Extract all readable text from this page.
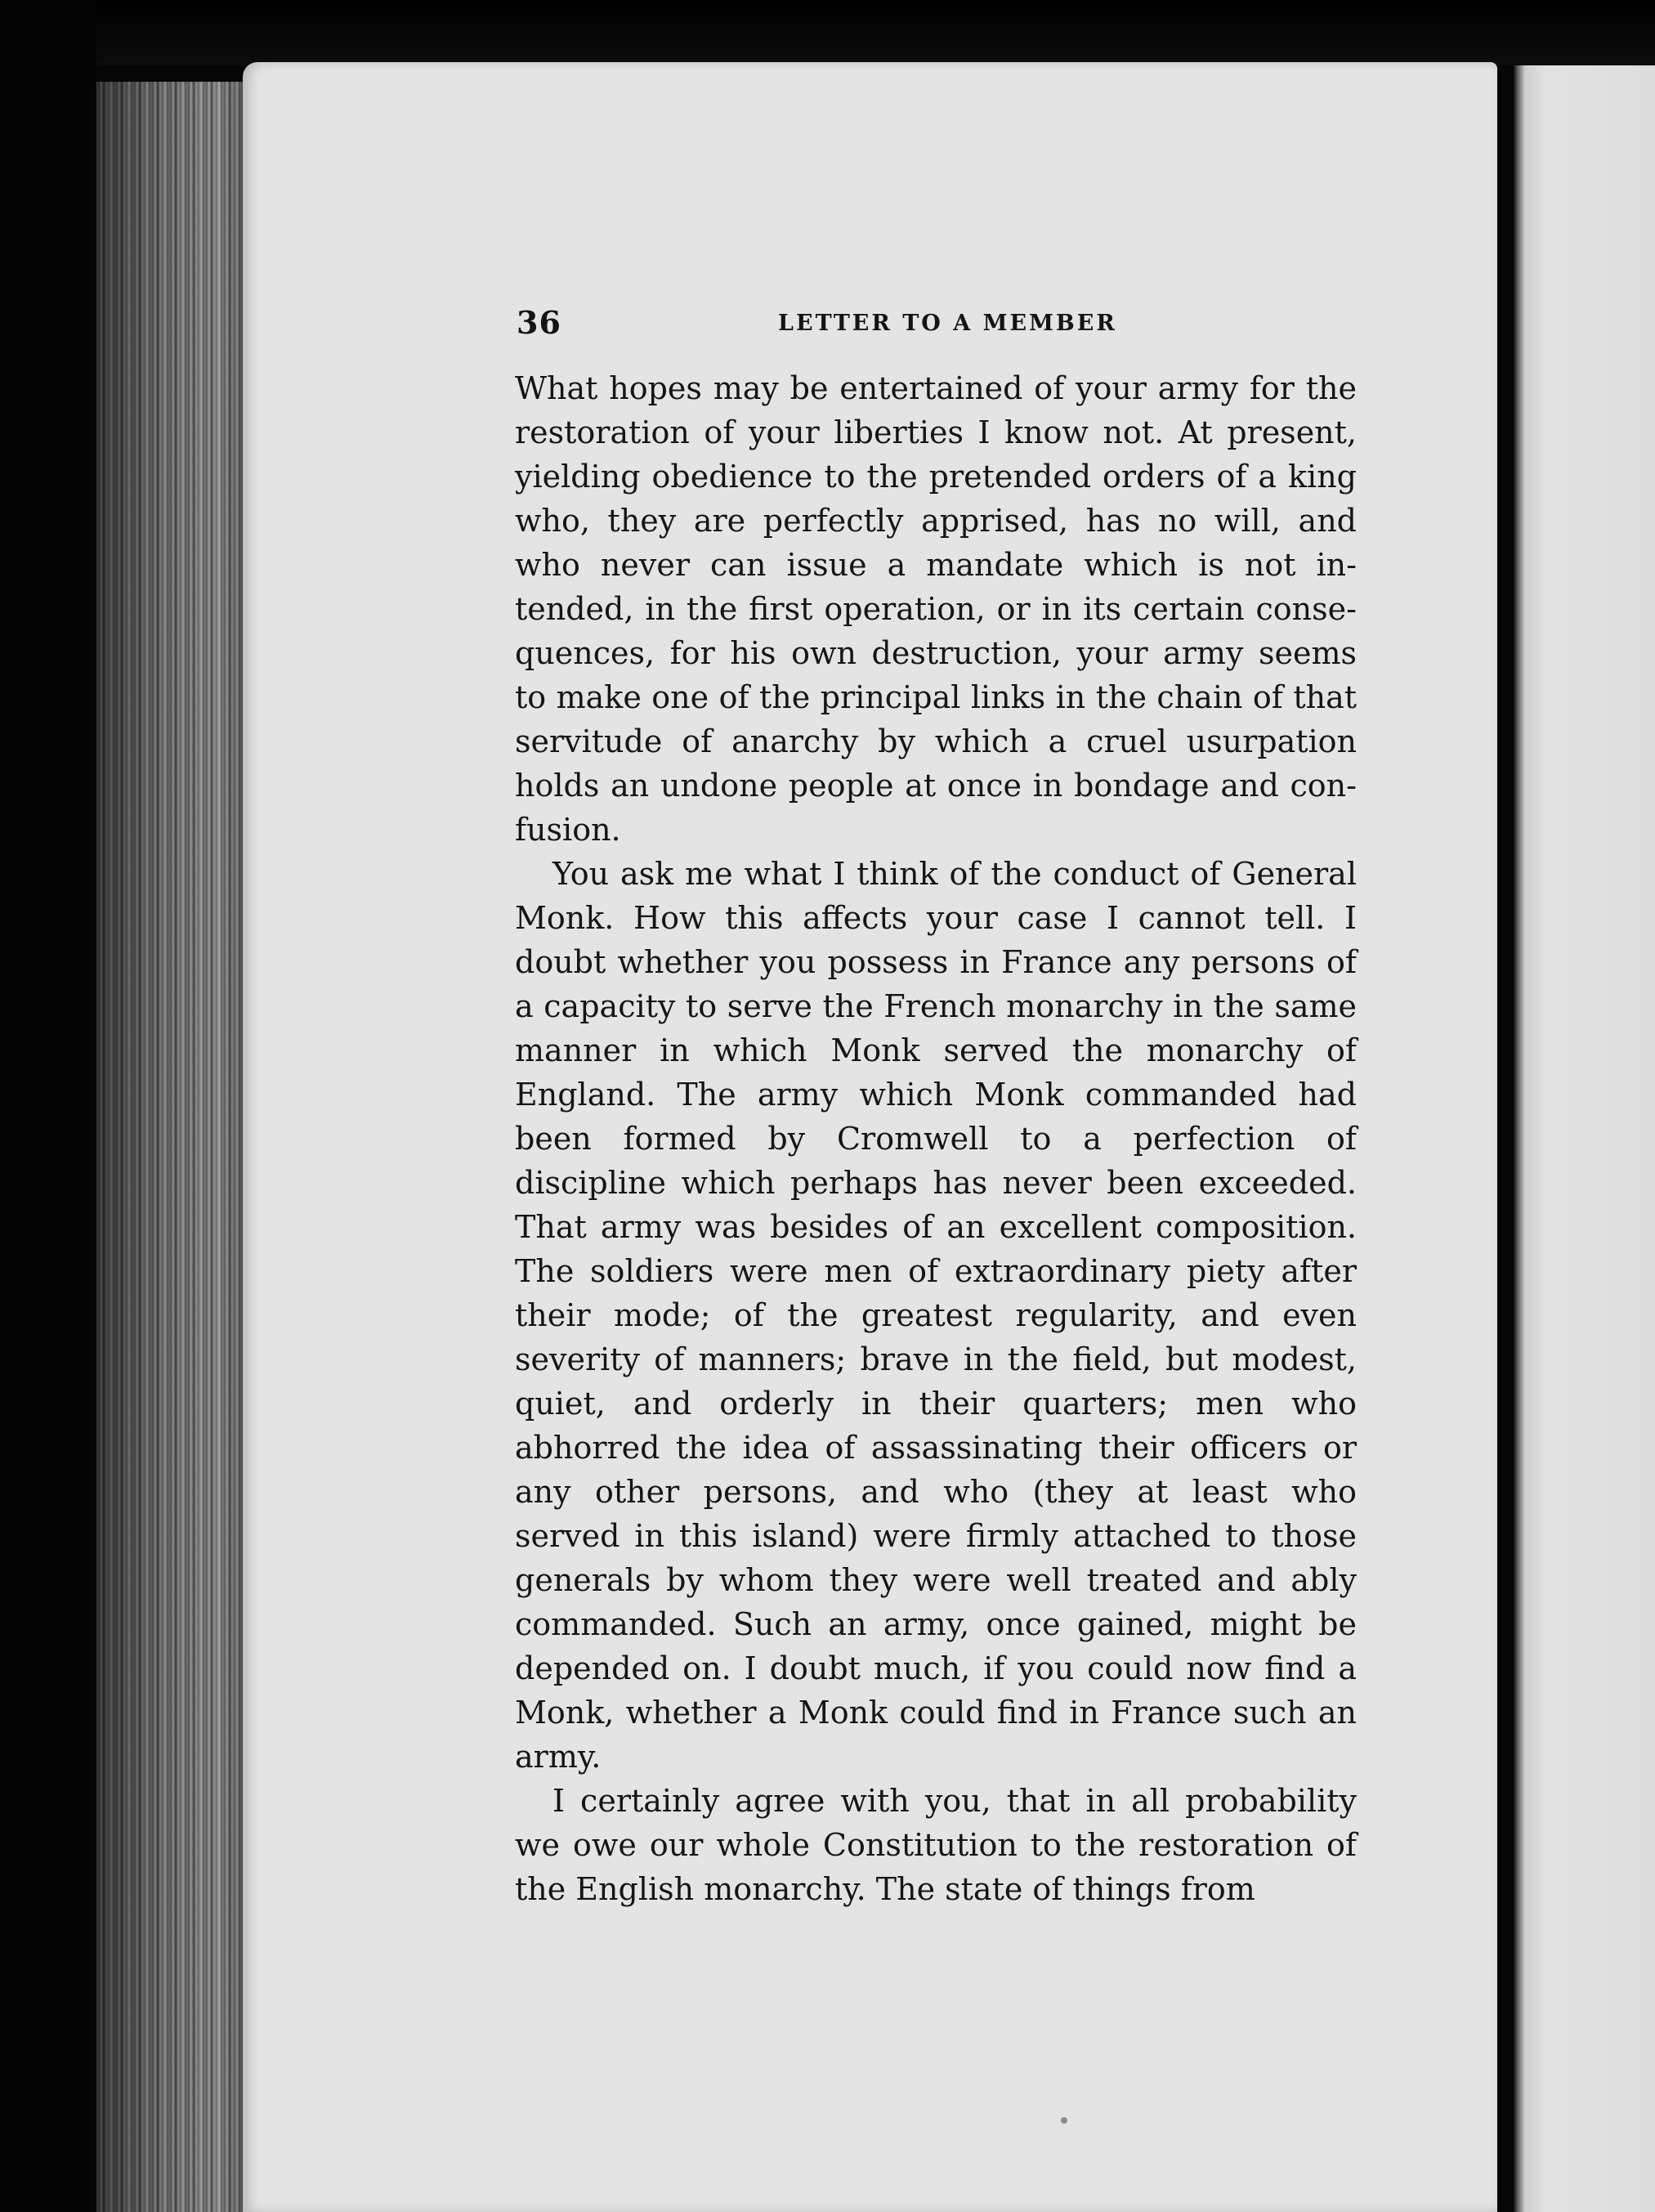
36	LETTER TO A MEMBER

What hopes may be entertained of your army for the restoration of your liberties I know not. At present, yielding obedience to the pretended orders of a king who, they are perfectly apprised, has no will, and who never can issue a mandate which is not intended, in the first operation, or in its certain consequences, for his own destruction, your army seems to make one of the principal links in the chain of that servitude of anarchy by which a cruel usurpation holds an undone people at once in bondage and confusion.

You ask me what I think of the conduct of General Monk. How this affects your case I cannot tell. I doubt whether you possess in France any persons of a capacity to serve the French monarchy in the same manner in which Monk served the monarchy of England. The army which Monk commanded had been formed by Cromwell to a perfection of discipline which perhaps has never been exceeded. That army was besides of an excellent composition. The soldiers were men of extraordinary piety after their mode; of the greatest regularity, and even severity of manners; brave in the field, but modest, quiet, and orderly in their quarters; men who abhorred the idea of assassinating their officers or any other persons, and who (they at least who served in this island) were firmly attached to those generals by whom they were well treated and ably commanded. Such an army, once gained, might be depended on. I doubt much, if you could now find a Monk, whether a Monk could find in France such an army.

I certainly agree with you, that in all probability we owe our whole Constitution to the restoration of the English monarchy. The state of things from
